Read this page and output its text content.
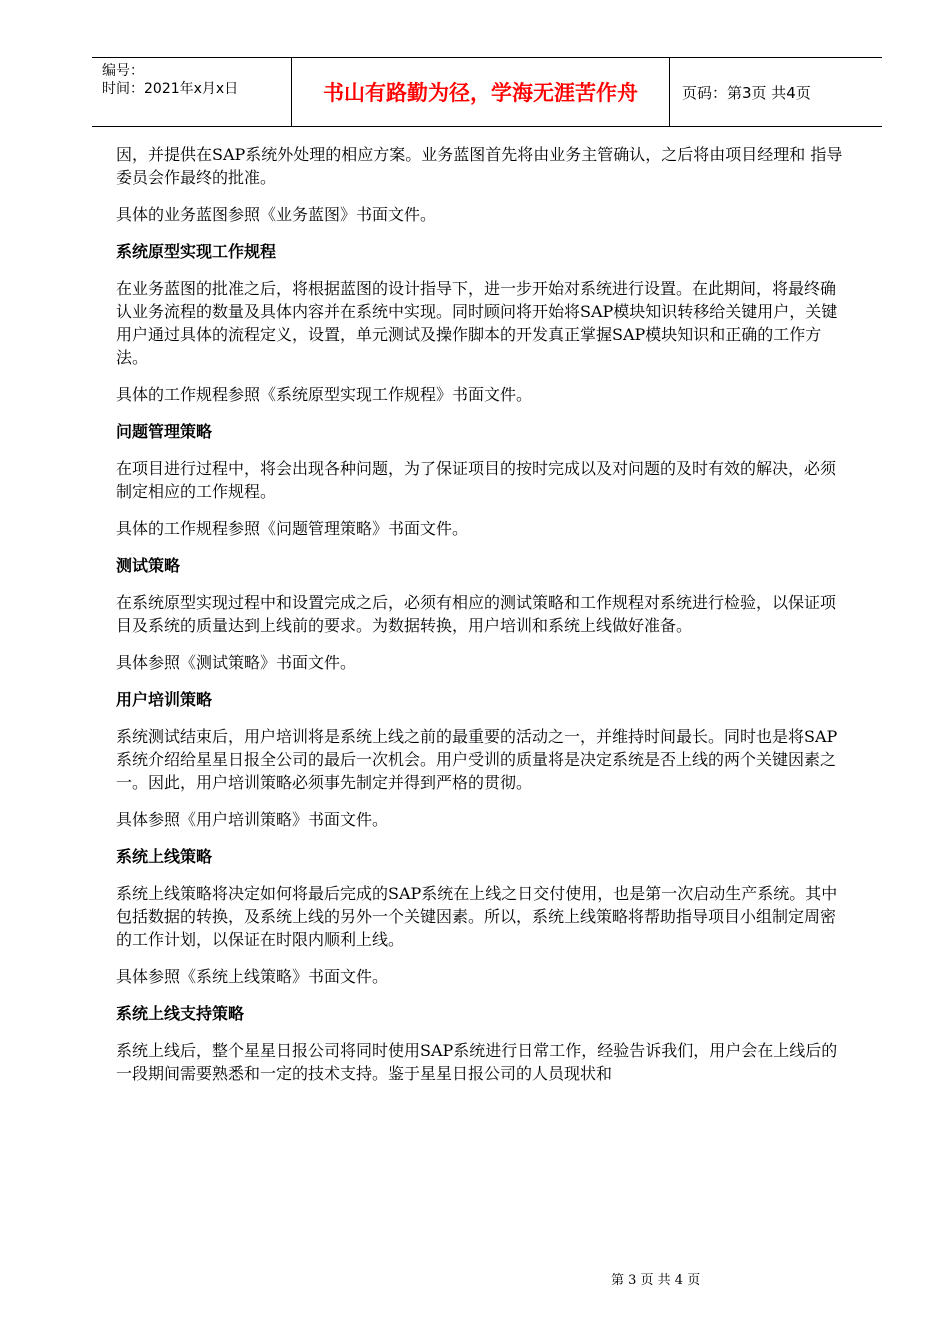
编号：
时间：2021年x月x日	书山有路勤为径，学海无涯苦作舟	页码：第3页 共4页
因，并提供在SAP系统外处理的相应方案。业务蓝图首先将由业务主管确认，之后将由项目经理和 指导委员会作最终的批准。
具体的业务蓝图参照《业务蓝图》书面文件。
系统原型实现工作规程
在业务蓝图的批准之后，将根据蓝图的设计指导下，进一步开始对系统进行设置。在此期间，将最终确认业务流程的数量及具体内容并在系统中实现。同时顾问将开始将SAP模块知识转移给关键用户，关键用户通过具体的流程定义，设置，单元测试及操作脚本的开发真正掌握SAP模块知识和正确的工作方法。
具体的工作规程参照《系统原型实现工作规程》书面文件。
问题管理策略
在项目进行过程中，将会出现各种问题，为了保证项目的按时完成以及对问题的及时有效的解决，必须制定相应的工作规程。
具体的工作规程参照《问题管理策略》书面文件。
测试策略
在系统原型实现过程中和设置完成之后，必须有相应的测试策略和工作规程对系统进行检验，以保证项目及系统的质量达到上线前的要求。为数据转换，用户培训和系统上线做好准备。
具体参照《测试策略》书面文件。
用户培训策略
系统测试结束后，用户培训将是系统上线之前的最重要的活动之一，并维持时间最长。同时也是将SAP系统介绍给星星日报全公司的最后一次机会。用户受训的质量将是决定系统是否上线的两个关键因素之一。因此，用户培训策略必须事先制定并得到严格的贯彻。
具体参照《用户培训策略》书面文件。
系统上线策略
系统上线策略将决定如何将最后完成的SAP系统在上线之日交付使用，也是第一次启动生产系统。其中包括数据的转换，及系统上线的另外一个关键因素。所以，系统上线策略将帮助指导项目小组制定周密的工作计划，以保证在时限内顺利上线。
具体参照《系统上线策略》书面文件。
系统上线支持策略
系统上线后，整个星星日报公司将同时使用SAP系统进行日常工作，经验告诉我们，用户会在上线后的一段期间需要熟悉和一定的技术支持。鉴于星星日报公司的人员现状和
第 3 页 共 4 页
